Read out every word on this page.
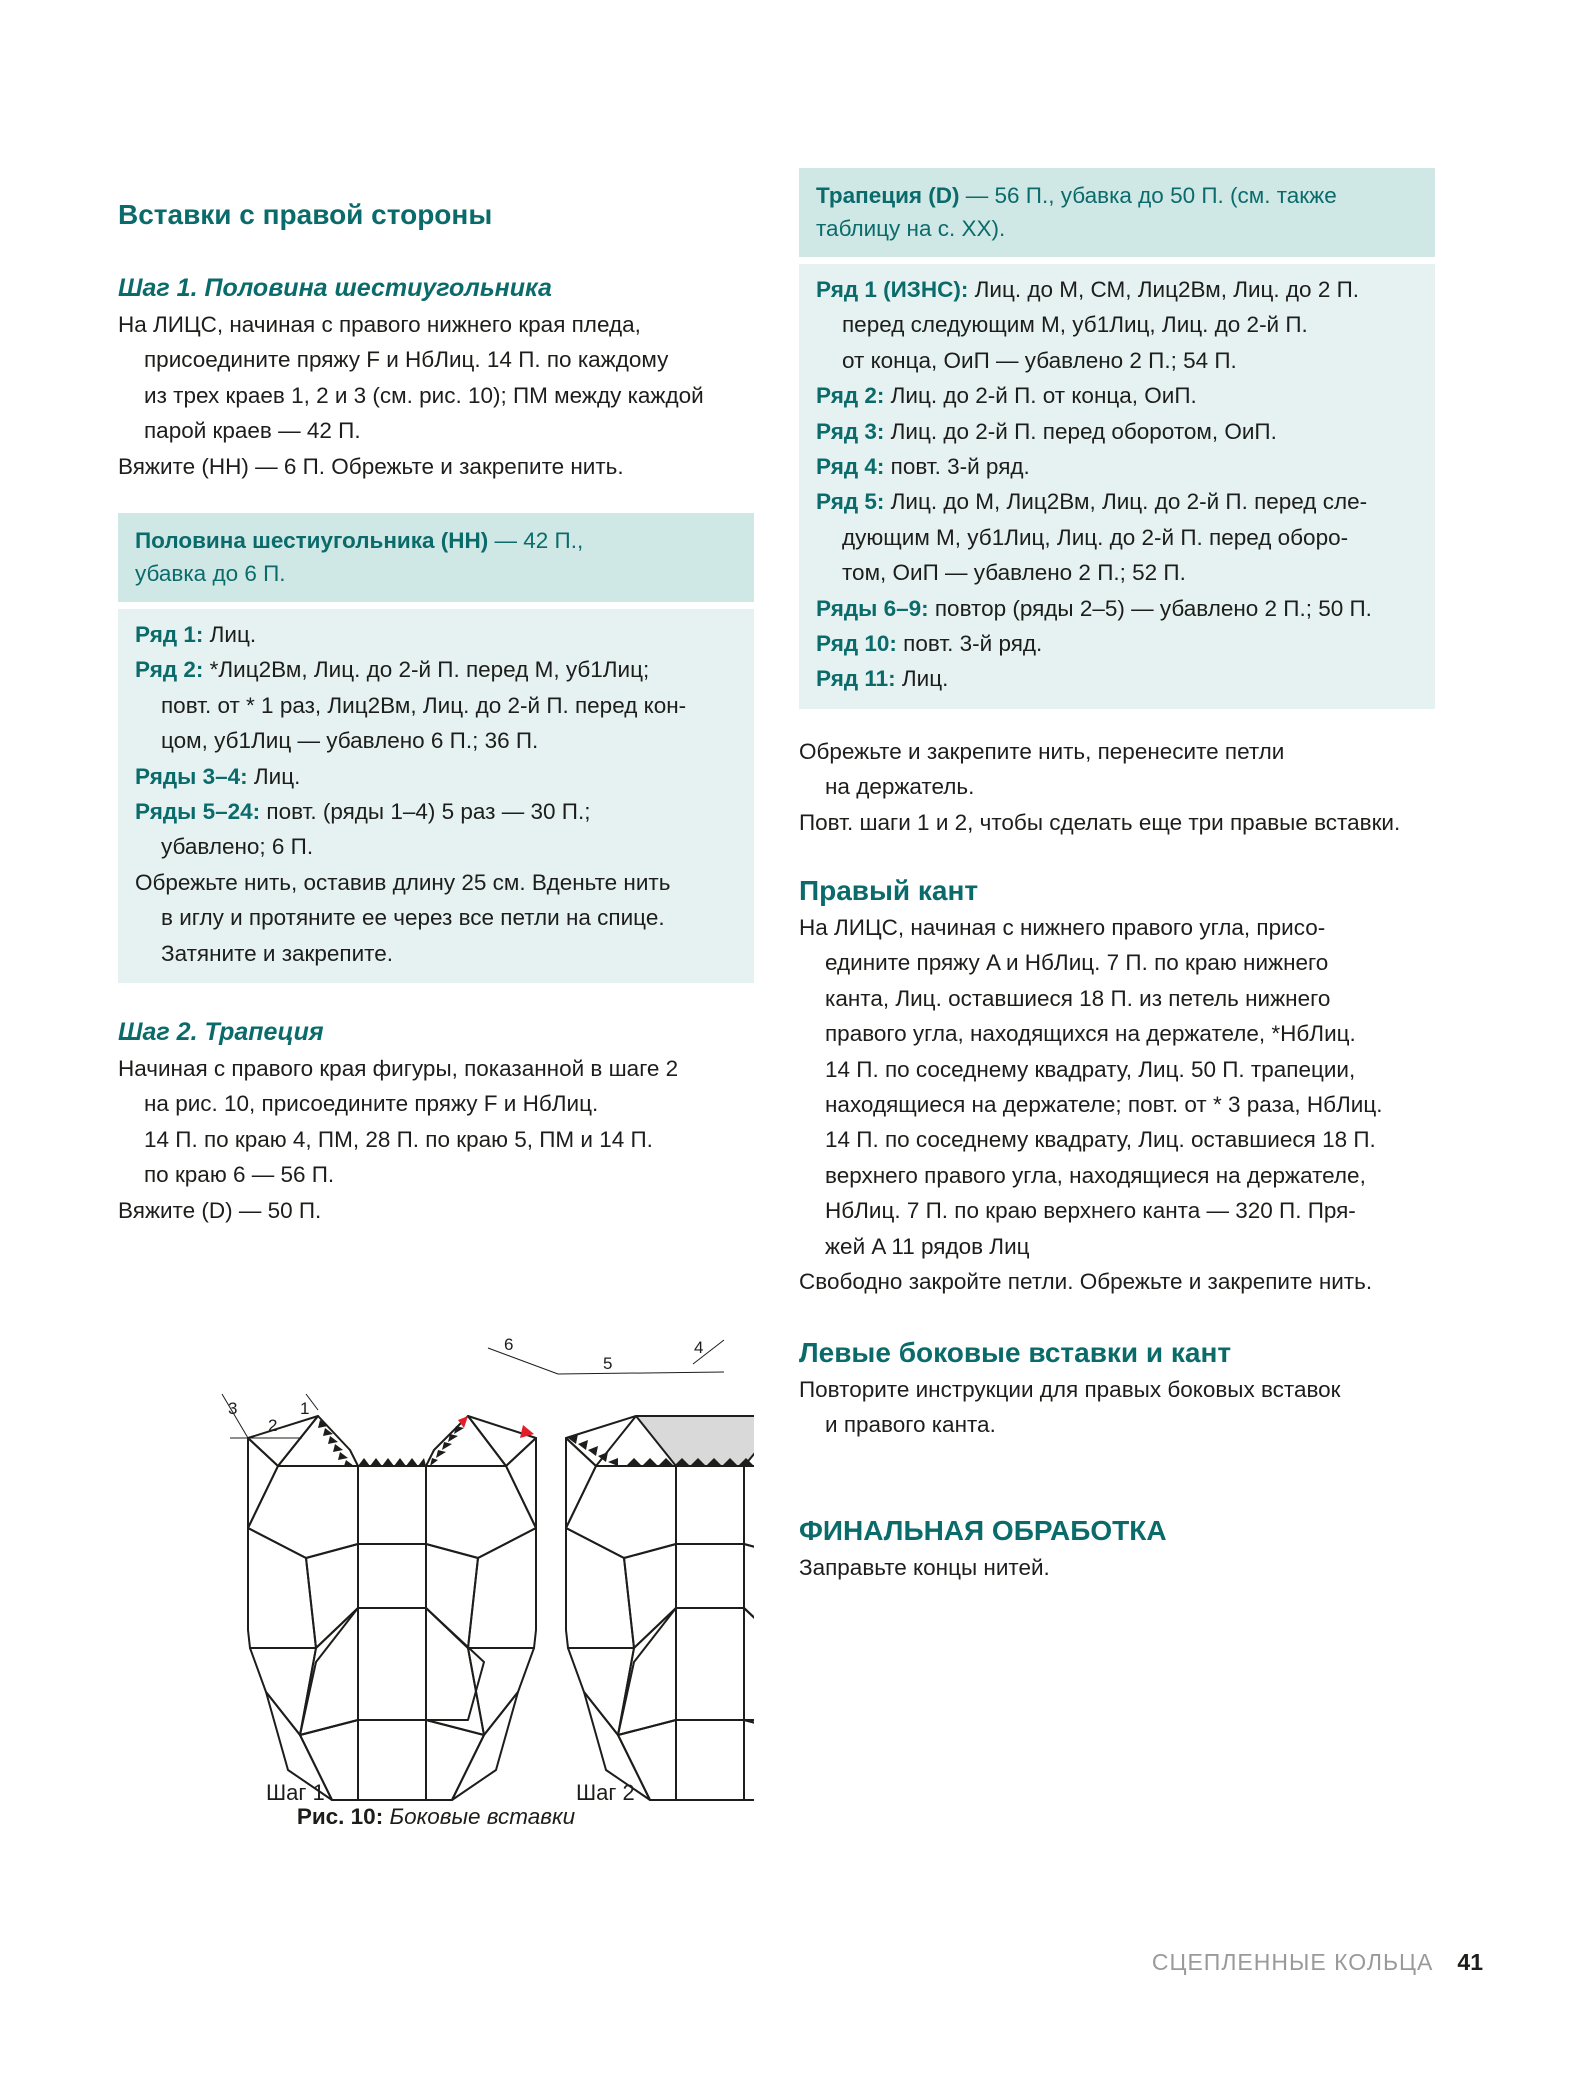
Вставки с правой стороны
Шаг 1. Половина шестиугольника
На ЛИЦС, начиная с правого нижнего края пледа,
присоедините пряжу F и НбЛиц. 14 П. по каждому
из трех краев 1, 2 и 3 (см. рис. 10); ПМ между каждой
парой краев — 42 П.
Вяжите (НН) — 6 П. Обрежьте и закрепите нить.
Половина шестиугольника (НН) — 42 П.,
убавка до 6 П.
Ряд 1: Лиц.
Ряд 2: *Лиц2Вм, Лиц. до 2-й П. перед М, уб1Лиц;
повт. от * 1 раз, Лиц2Вм, Лиц. до 2-й П. перед кон-
цом, уб1Лиц — убавлено 6 П.; 36 П.
Ряды 3–4: Лиц.
Ряды 5–24: повт. (ряды 1–4) 5 раз — 30 П.;
убавлено; 6 П.
Обрежьте нить, оставив длину 25 см. Вденьте нить
в иглу и протяните ее через все петли на спице.
Затяните и закрепите.
Шаг 2. Трапеция
Начиная с правого края фигуры, показанной в шаге 2
на рис. 10, присоедините пряжу F и НбЛиц.
14 П. по краю 4, ПМ, 28 П. по краю 5, ПМ и 14 П.
по краю 6 — 56 П.
Вяжите (D) — 50 П.
3
2
1
6
5
4
Шаг 1	Шаг 2
Рис. 10: Боковые вставки
Трапеция (D) — 56 П., убавка до 50 П. (см. также
таблицу на с. XX).
Ряд 1 (ИЗНС): Лиц. до М, СМ, Лиц2Вм, Лиц. до 2 П.
перед следующим М, уб1Лиц, Лиц. до 2-й П.
от конца, ОиП — убавлено 2 П.; 54 П.
Ряд 2: Лиц. до 2-й П. от конца, ОиП.
Ряд 3: Лиц. до 2-й П. перед оборотом, ОиП.
Ряд 4: повт. 3-й ряд.
Ряд 5: Лиц. до М, Лиц2Вм, Лиц. до 2-й П. перед сле-
дующим М, уб1Лиц, Лиц. до 2-й П. перед оборо-
том, ОиП — убавлено 2 П.; 52 П.
Ряды 6–9: повтор (ряды 2–5) — убавлено 2 П.; 50 П.
Ряд 10: повт. 3-й ряд.
Ряд 11: Лиц.
Обрежьте и закрепите нить, перенесите петли
на держатель.
Повт. шаги 1 и 2, чтобы сделать еще три правые вставки.
Правый кант
На ЛИЦС, начиная с нижнего правого угла, присо-
едините пряжу A и НбЛиц. 7 П. по краю нижнего
канта, Лиц. оставшиеся 18 П. из петель нижнего
правого угла, находящихся на держателе, *НбЛиц.
14 П. по соседнему квадрату, Лиц. 50 П. трапеции,
находящиеся на держателе; повт. от * 3 раза, НбЛиц.
14 П. по соседнему квадрату, Лиц. оставшиеся 18 П.
верхнего правого угла, находящиеся на держателе,
НбЛиц. 7 П. по краю верхнего канта — 320 П. Пря-
жей A 11 рядов Лиц
Свободно закройте петли. Обрежьте и закрепите нить.
Левые боковые вставки и кант
Повторите инструкции для правых боковых вставок
и правого канта.
ФИНАЛЬНАЯ ОБРАБОТКА
Заправьте концы нитей.
СЦЕПЛЕННЫЕ КОЛЬЦА 41
